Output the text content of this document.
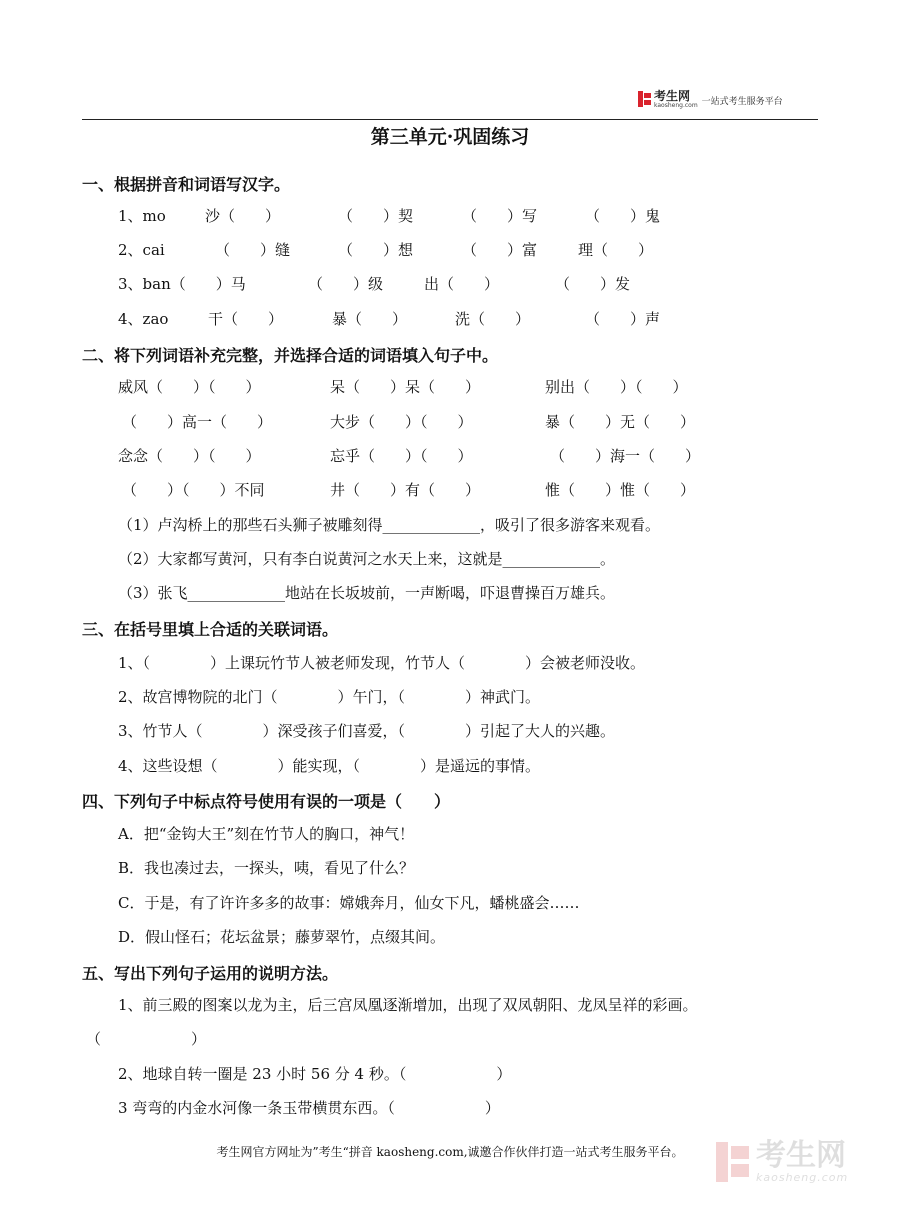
考生网
kaosheng.com 一站式考生服务平台
第三单元·巩固练习
一、根据拼音和词语写汉字。
1、mo	沙（　　）	（　　）契	（　　）写	（　　）鬼
2、cai	（　　）缝	（　　）想	（　　）富	理（　　）
3、ban（　　）马	（　　）级	出（　　）	（　　）发
4、zao	干（　　）	暴（　　）	洗（　　）	（　　）声
二、将下列词语补充完整，并选择合适的词语填入句子中。
威风（　　）（　　）	呆（　　）呆（　　）	别出（　　）（　　）
（　　）高一（　　）	大步（　　）（　　）	暴（　　）无（　　）
念念（　　）（　　）	忘乎（　　）（　　）	（　　）海一（　　）
（　　）（　　）不同	井（　　）有（　　）	惟（　　）惟（　　）
（1）卢沟桥上的那些石头狮子被雕刻得_____________，吸引了很多游客来观看。
（2）大家都写黄河，只有李白说黄河之水天上来，这就是_____________。
（3）张飞_____________地站在长坂坡前，一声断喝，吓退曹操百万雄兵。
三、在括号里填上合适的关联词语。
1、（　　　　）上课玩竹节人被老师发现，竹节人（　　　　）会被老师没收。
2、故宫博物院的北门（　　　　）午门，（　　　　）神武门。
3、竹节人（　　　　）深受孩子们喜爱，（　　　　）引起了大人的兴趣。
4、这些设想（　　　　）能实现，（　　　　）是遥远的事情。
四、下列句子中标点符号使用有误的一项是（　　）
A．把“金钩大王”刻在竹节人的胸口，神气！
B．我也凑过去，一探头，咦，看见了什么？
C．于是，有了许许多多的故事：嫦娥奔月，仙女下凡，蟠桃盛会……
D．假山怪石；花坛盆景；藤萝翠竹，点缀其间。
五、写出下列句子运用的说明方法。
1、前三殿的图案以龙为主，后三宫凤凰逐渐增加，出现了双凤朝阳、龙凤呈祥的彩画。
（　　　　　　）
2、地球自转一圈是 23 小时 56 分 4 秒。（　　　　　　）
3 弯弯的内金水河像一条玉带横贯东西。（　　　　　　）
考生网官方网址为”考生“拼音 kaosheng.com,诚邀合作伙伴打造一站式考生服务平台。	考生网
kaosheng.com
